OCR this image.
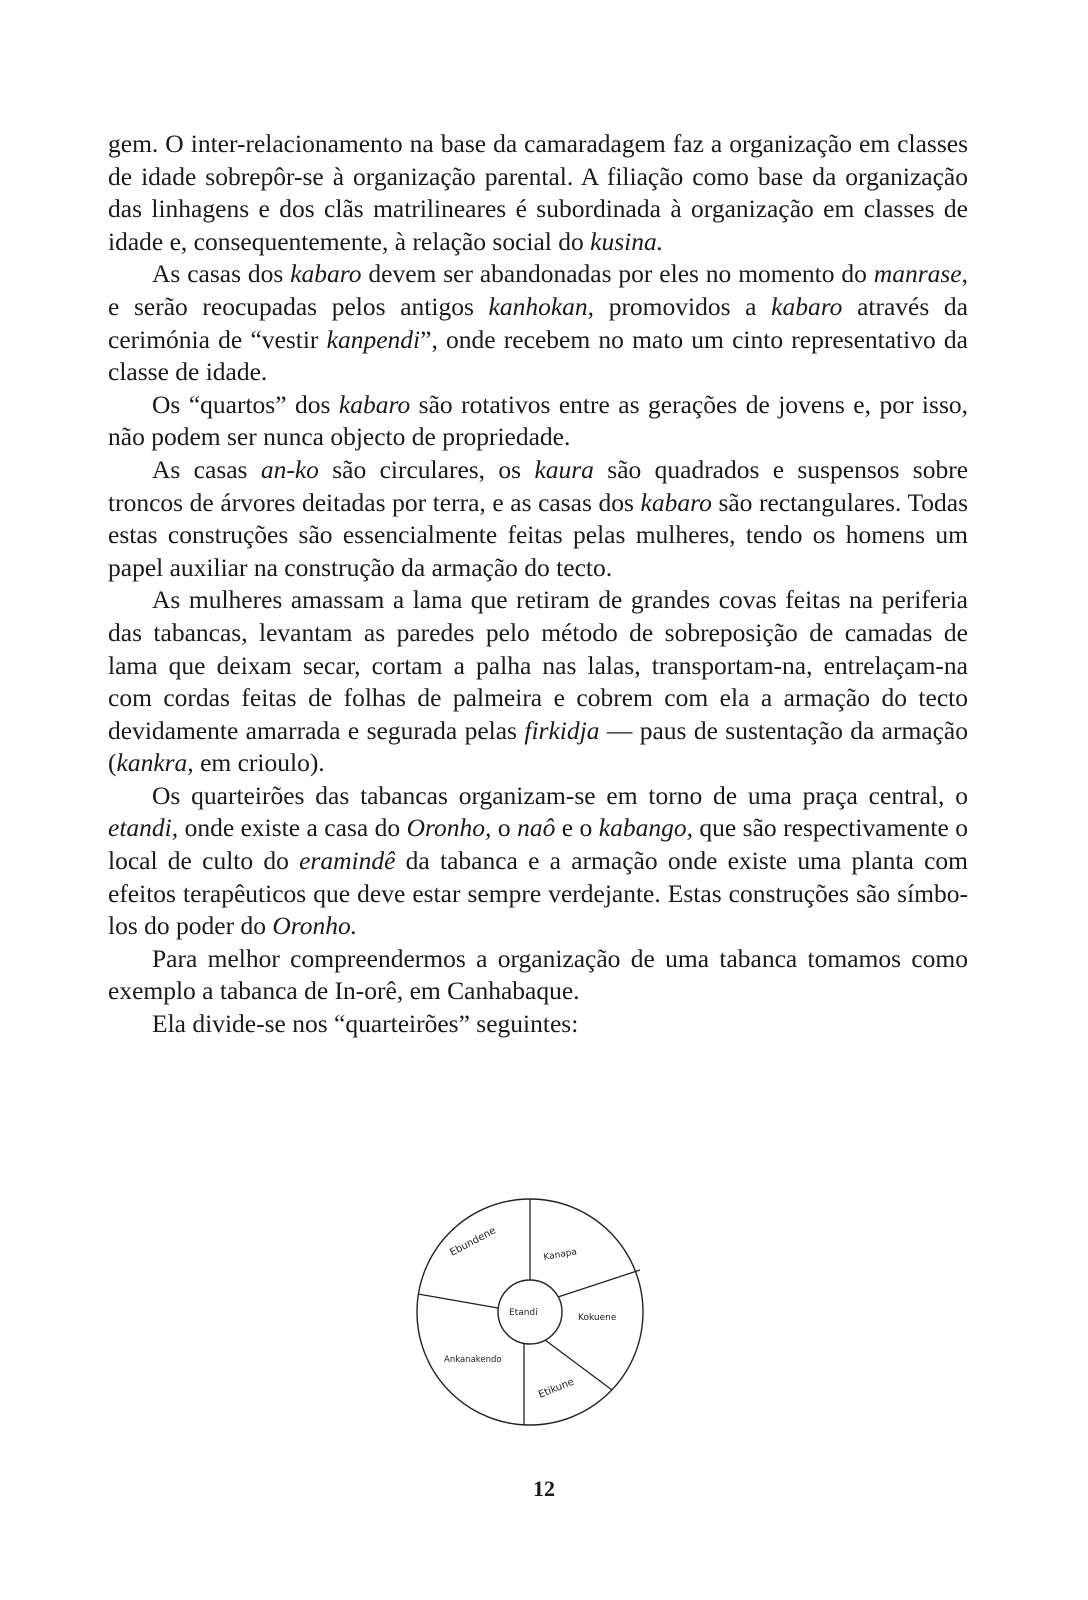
gem. O inter-relacionamento na base da camaradagem faz a organização em classes de idade sobrepôr-se à organização parental. A filiação como base da organização das linhagens e dos clãs matrilineares é subordinada à organização em classes de idade e, consequentemente, à relação social do kusina.

As casas dos kabaro devem ser abandonadas por eles no momento do manrase, e serão reocupadas pelos antigos kanhokan, promovidos a kabaro através da cerimónia de “vestir kanpendi”, onde recebem no mato um cinto representativo da classe de idade.

Os “quartos” dos kabaro são rotativos entre as gerações de jovens e, por isso, não podem ser nunca objecto de propriedade.

As casas an-ko são circulares, os kaura são quadrados e suspensos sobre troncos de árvores deitadas por terra, e as casas dos kabaro são rectangulares. Todas estas construções são essencialmente feitas pelas mulheres, tendo os homens um papel auxiliar na construção da armação do tecto.

As mulheres amassam a lama que retiram de grandes covas feitas na periferia das tabancas, levantam as paredes pelo método de sobreposição de camadas de lama que deixam secar, cortam a palha nas lalas, transportam-na, entrelaçam-na com cordas feitas de folhas de palmeira e cobrem com ela a armação do tecto devidamente amarrada e segurada pelas firkidja — paus de sustentação da armação (kankra, em crioulo).

Os quarteirões das tabancas organizam-se em torno de uma praça central, o etandi, onde existe a casa do Oronho, o naô e o kabango, que são respectivamente o local de culto do eramindê da tabanca e a armação onde existe uma planta com efeitos terapêuticos que deve estar sempre verdejante. Estas construções são símbolos do poder do Oronho.

Para melhor compreendermos a organização de uma tabanca tomamos como exemplo a tabanca de In-orê, em Canhabaque.

Ela divide-se nos “quarteirões” seguintes:

Ebundene	Kanapa
Etandi	Kokuene
Ankanakendo
Etikune
12
